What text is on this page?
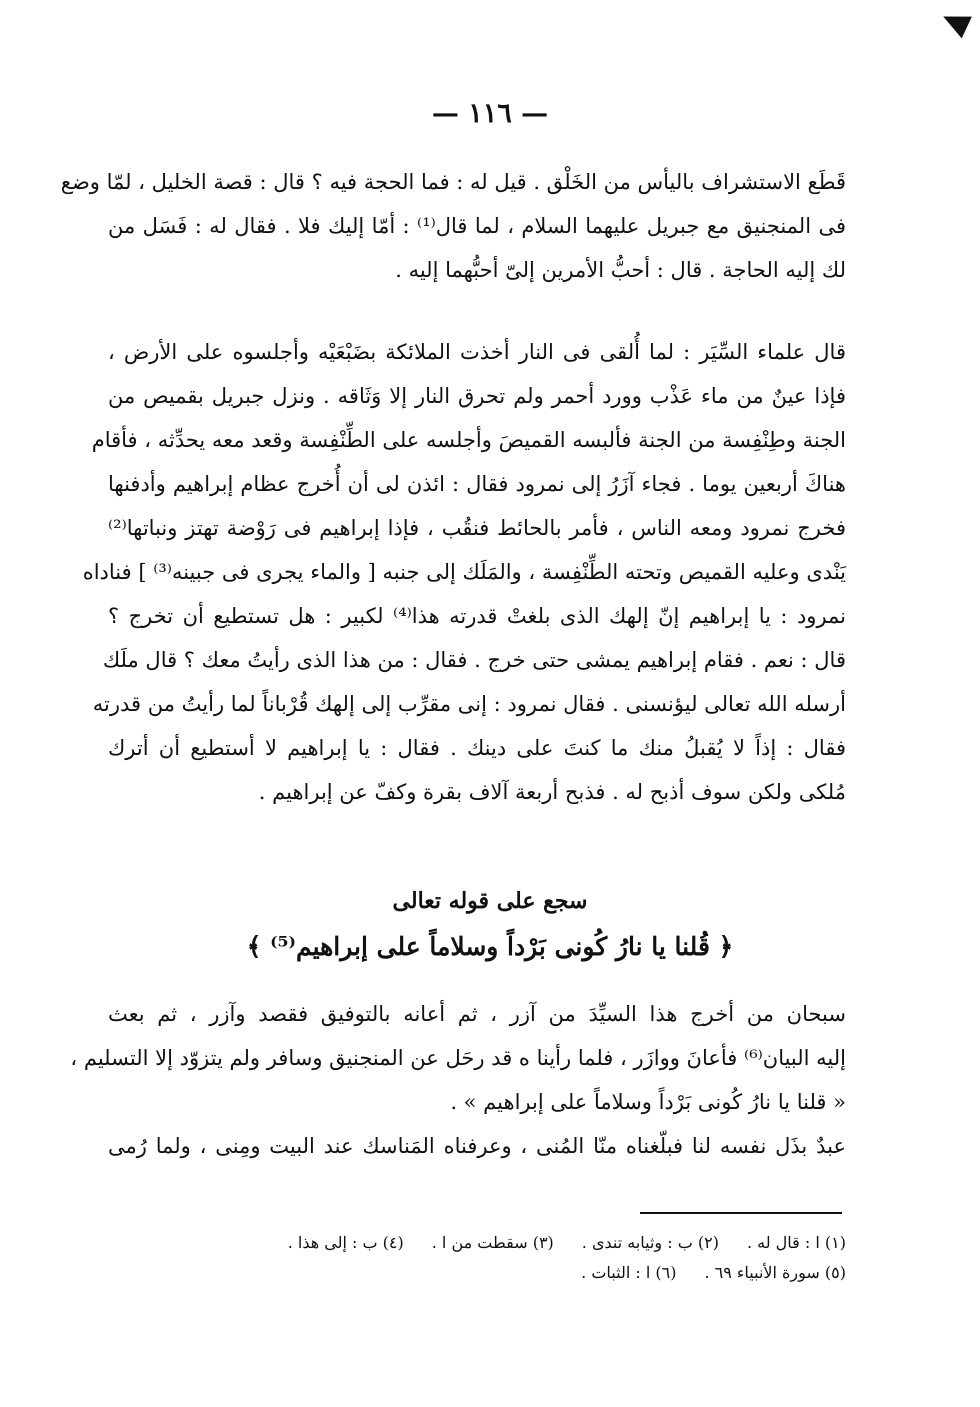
— ١١٦ —
قَطَع الاستشراف باليأس من الخَلْق . قيل له : فما الحجة فيه ؟ قال : قصة الخليل ، لمّا وضع
فى المنجنيق مع جبريل عليهما السلام ، لما قال⁽¹⁾ : أمّا إليك فلا . فقال له : فَسَل من
لك إليه الحاجة . قال : أحبُّ الأمرين إلىّ أحبُّهما إليه .
قال علماء السِّيَر : لما أُلقى فى النار أخذت الملائكة بضَبْعَيْه وأجلسوه على الأرض ،
فإذا عينٌ من ماء عَذْب وورد أحمر ولم تحرق النار إلا وَثَاقه . ونزل جبريل بقميص من
الجنة وطِنْفِسة من الجنة فألبسه القميصَ وأجلسه على الطِّنْفِسة وقعد معه يحدِّثه ، فأقام
هناكَ أربعين يوما . فجاء آزَرُ إلى نمرود فقال : ائذن لى أن أُخرج عظام إبراهيم وأدفنها
فخرج نمرود ومعه الناس ، فأمر بالحائط فنقُب ، فإذا إبراهيم فى رَوْضة تهتز ونباتها⁽²⁾
يَنْدى وعليه القميص وتحته الطِّنْفِسة ، والمَلَك إلى جنبه [ والماء يجرى فى جبينه⁽³⁾ ] فناداه
نمرود : يا إبراهيم إنّ إلهك الذى بلغتْ قدرته هذا⁽⁴⁾ لكبير : هل تستطيع أن تخرج ؟
قال : نعم . فقام إبراهيم يمشى حتى خرج . فقال : من هذا الذى رأيتُ معك ؟ قال ملَك
أرسله الله تعالى ليؤنسنى . فقال نمرود : إنى مقرِّب إلى إلهك قُرْباناً لما رأيتُ من قدرته
فقال : إذاً لا يُقبلُ منك ما كنتَ على دينك . فقال : يا إبراهيم لا أستطيع أن أترك
مُلكى ولكن سوف أذبح له . فذبح أربعة آلاف بقرة وكفّ عن إبراهيم .
سجع على قوله تعالى
﴿ قُلنا يا نارُ كُونى بَرْداً وسلاماً على إبراهيم⁽⁵⁾ ﴾
سبحان من أخرج هذا السيِّدَ من آزر ، ثم أعانه بالتوفيق فقصد وآزر ، ثم بعث
إليه البيان⁽⁶⁾ فأعانَ ووازَر ، فلما رأينا ه قد رحَل عن المنجنيق وسافر ولم يتزوّد إلا التسليم ،
« قلنا يا نارُ كُونى بَرْداً وسلاماً على إبراهيم » .
عبدٌ بذَل نفسه لنا فبلّغناه منّا المُنى ، وعرفناه المَناسك عند البيت ومِنى ، ولما رُمى
(١) ا : قال له .
(٢) ب : وثيابه تندى .
(٣) سقطت من ا .
(٤) ب : إلى هذا .
(٥) سورة الأنبياء ٦٩ .
(٦) ا : الثبات .
